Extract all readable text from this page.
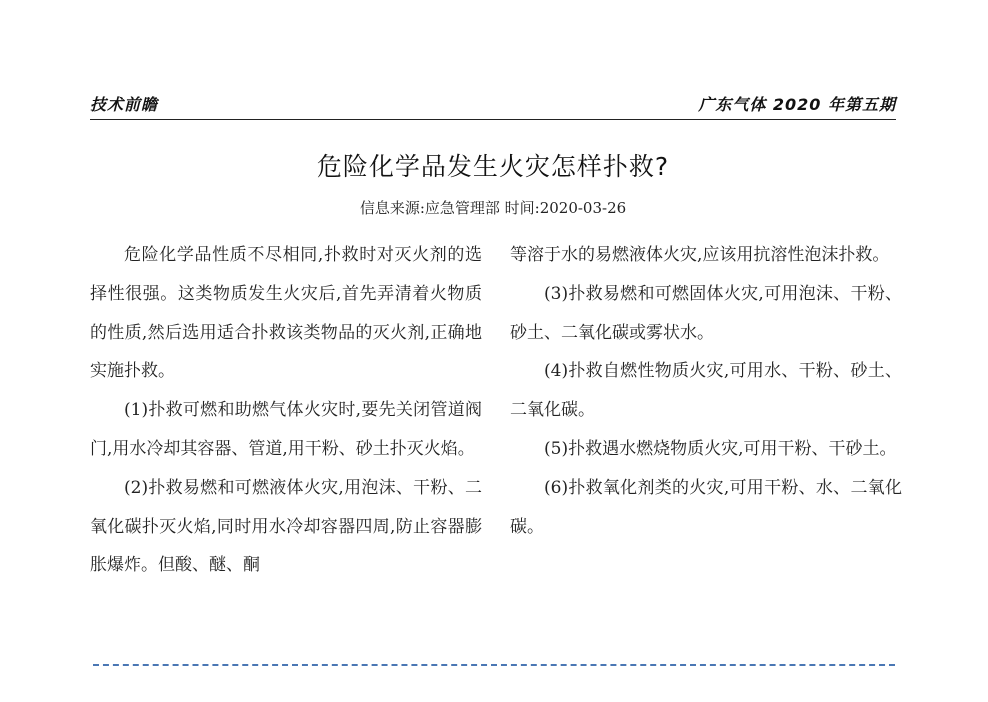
技术前瞻	广东气体 2020 年第五期
危险化学品发生火灾怎样扑救?
信息来源:应急管理部 时间:2020-03-26

危险化学品性质不尽相同,扑救时对灭火剂的选择性很强。这类物质发生火灾后,首先弄清着火物质的性质,然后选用适合扑救该类物品的灭火剂,正确地实施扑救。

(1)扑救可燃和助燃气体火灾时,要先关闭管道阀门,用水冷却其容器、管道,用干粉、砂土扑灭火焰。

(2)扑救易燃和可燃液体火灾,用泡沫、干粉、二氧化碳扑灭火焰,同时用水冷却容器四周,防止容器膨胀爆炸。但酸、醚、酮

等溶于水的易燃液体火灾,应该用抗溶性泡沫扑救。

(3)扑救易燃和可燃固体火灾,可用泡沫、干粉、砂土、二氧化碳或雾状水。

(4)扑救自燃性物质火灾,可用水、干粉、砂土、二氧化碳。

(5)扑救遇水燃烧物质火灾,可用干粉、干砂土。

(6)扑救氧化剂类的火灾,可用干粉、水、二氧化碳。
